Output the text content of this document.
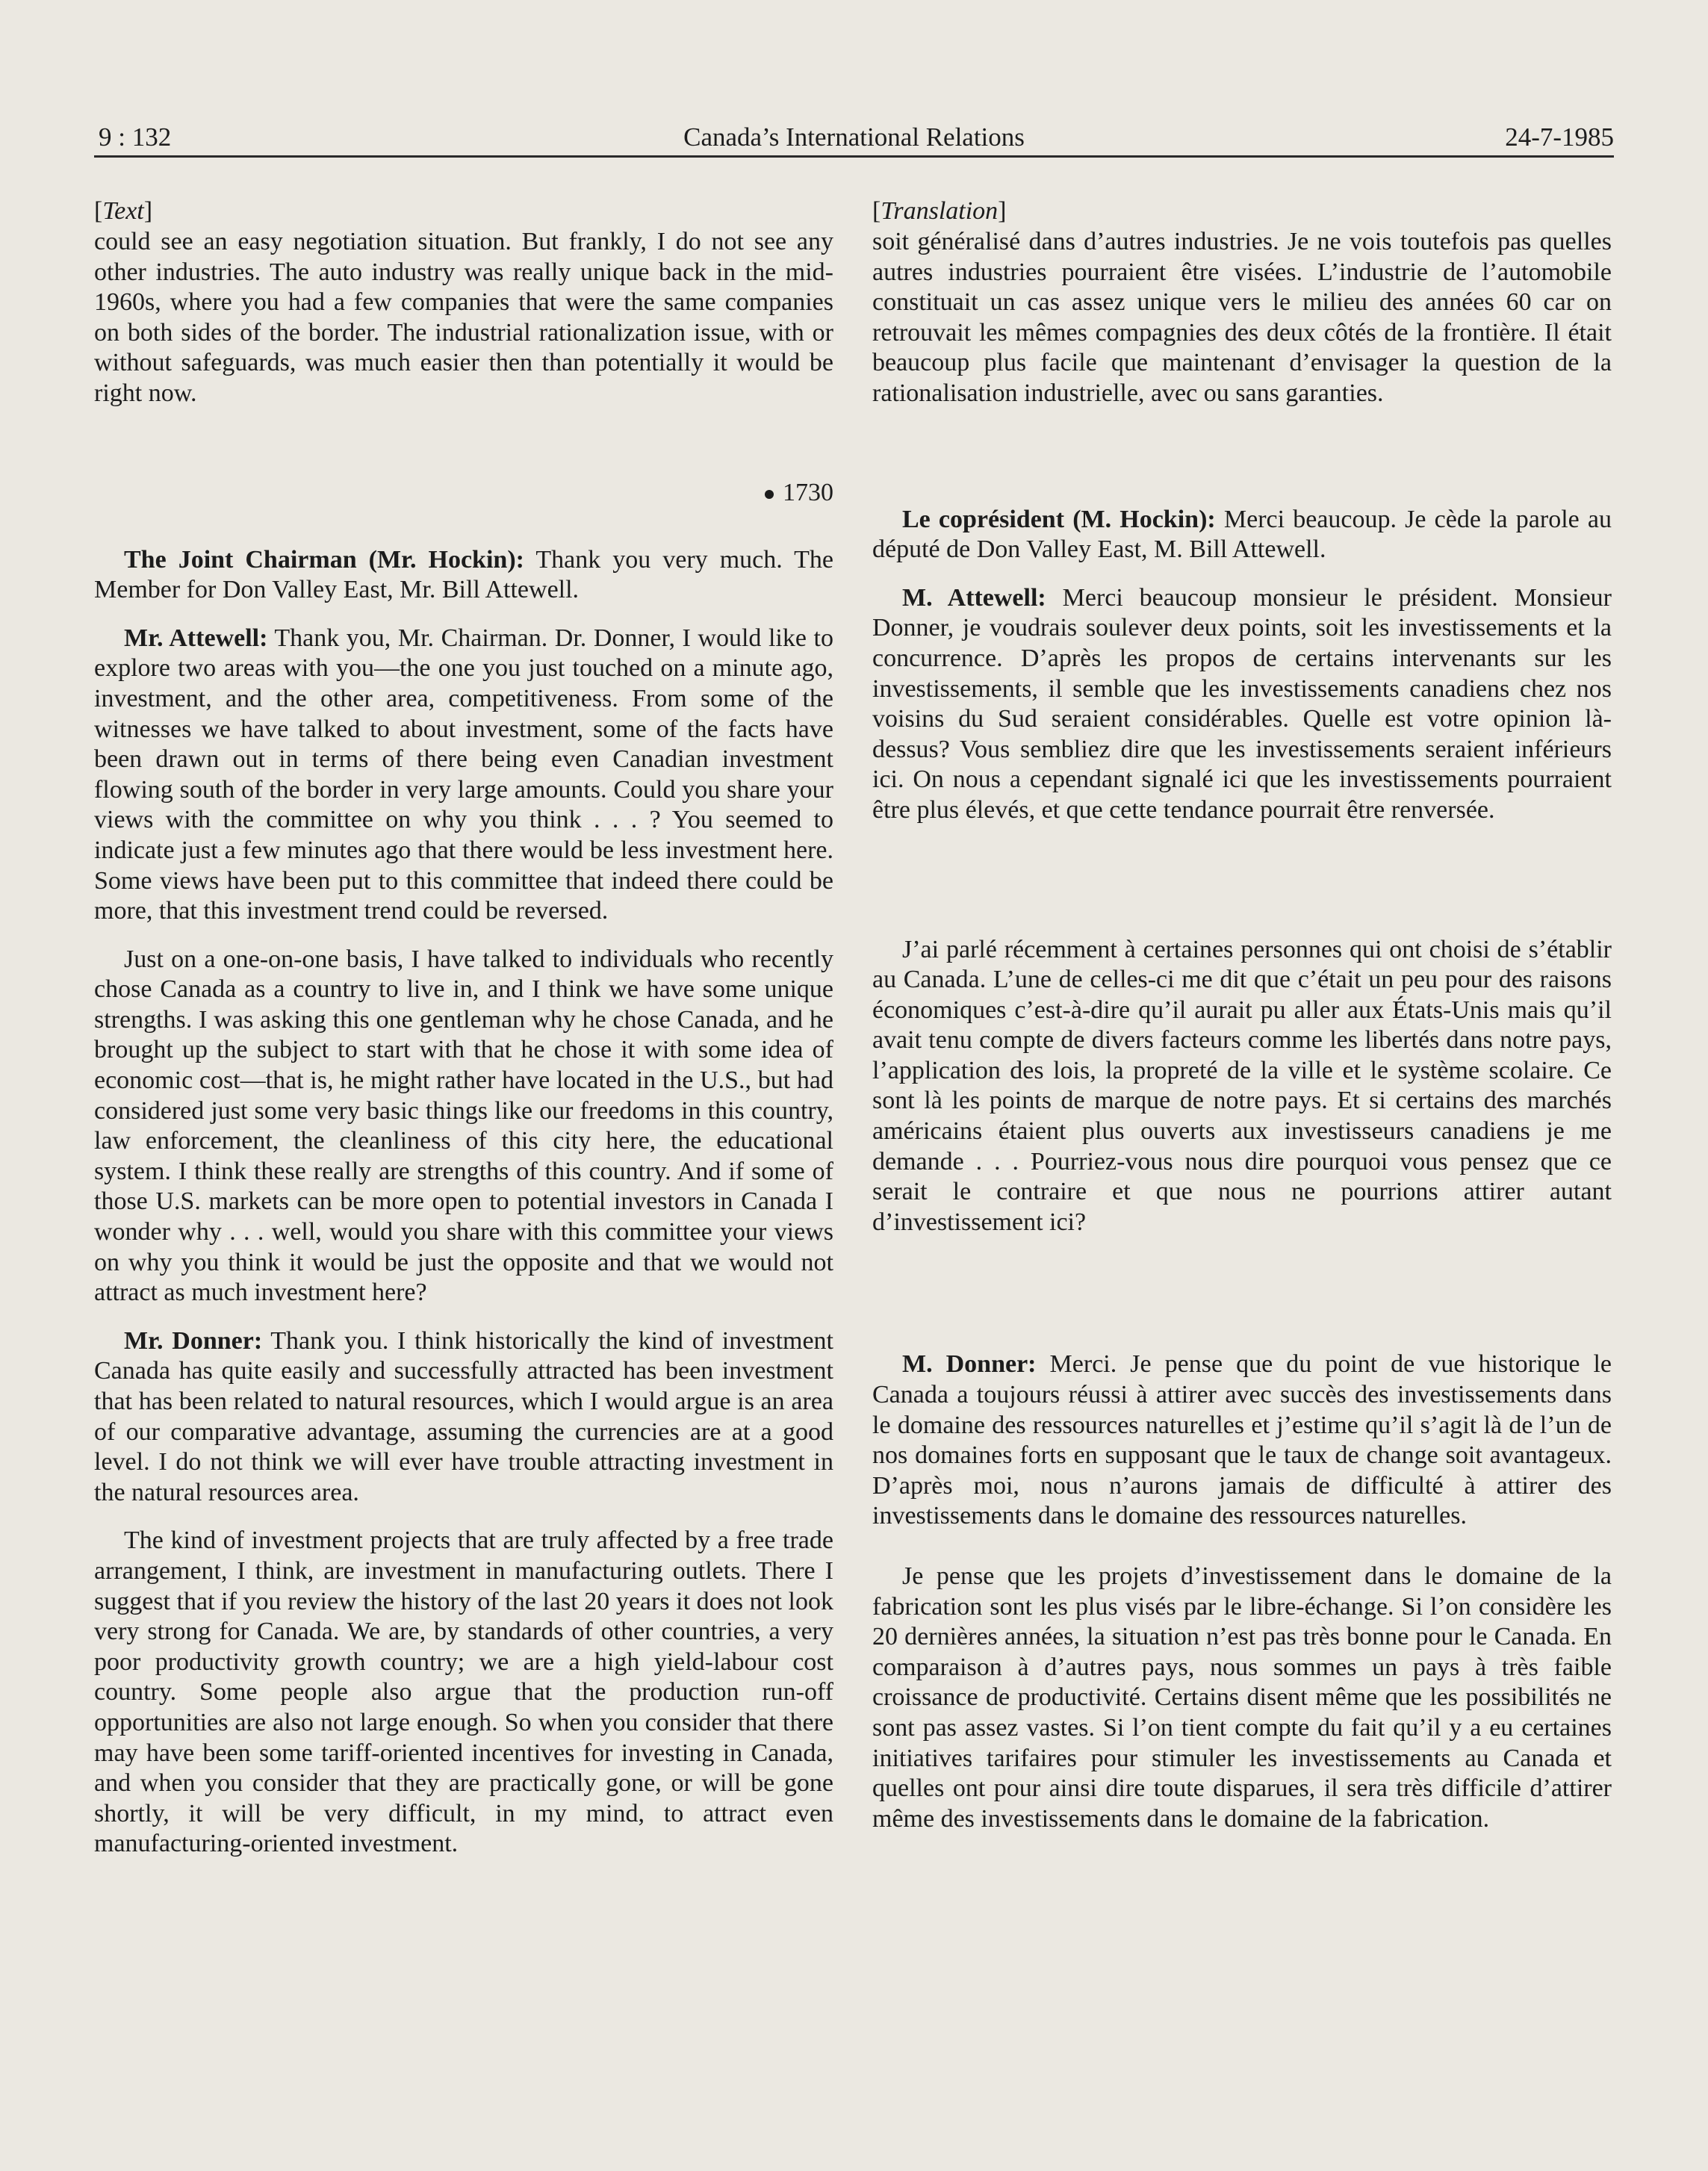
9 : 132	Canada’s International Relations	24-7-1985
[Text]

could see an easy negotiation situation. But frankly, I do not see any other industries. The auto industry was really unique back in the mid-1960s, where you had a few companies that were the same companies on both sides of the border. The industrial rationalization issue, with or without safeguards, was much easier then than potentially it would be right now.

1730

The Joint Chairman (Mr. Hockin): Thank you very much. The Member for Don Valley East, Mr. Bill Attewell.

Mr. Attewell: Thank you, Mr. Chairman. Dr. Donner, I would like to explore two areas with you—the one you just touched on a minute ago, investment, and the other area, competitiveness. From some of the witnesses we have talked to about investment, some of the facts have been drawn out in terms of there being even Canadian investment flowing south of the border in very large amounts. Could you share your views with the committee on why you think . . . ? You seemed to indicate just a few minutes ago that there would be less investment here. Some views have been put to this committee that indeed there could be more, that this investment trend could be reversed.

Just on a one-on-one basis, I have talked to individuals who recently chose Canada as a country to live in, and I think we have some unique strengths. I was asking this one gentleman why he chose Canada, and he brought up the subject to start with that he chose it with some idea of economic cost—that is, he might rather have located in the U.S., but had considered just some very basic things like our freedoms in this country, law enforcement, the cleanliness of this city here, the educational system. I think these really are strengths of this country. And if some of those U.S. markets can be more open to potential investors in Canada I wonder why . . . well, would you share with this committee your views on why you think it would be just the opposite and that we would not attract as much investment here?

Mr. Donner: Thank you. I think historically the kind of investment Canada has quite easily and successfully attracted has been investment that has been related to natural resources, which I would argue is an area of our comparative advantage, assuming the currencies are at a good level. I do not think we will ever have trouble attracting investment in the natural resources area.

The kind of investment projects that are truly affected by a free trade arrangement, I think, are investment in manufacturing outlets. There I suggest that if you review the history of the last 20 years it does not look very strong for Canada. We are, by standards of other countries, a very poor productivity growth country; we are a high yield-labour cost country. Some people also argue that the production run-off opportunities are also not large enough. So when you consider that there may have been some tariff-oriented incentives for investing in Canada, and when you consider that they are practically gone, or will be gone shortly, it will be very difficult, in my mind, to attract even manufacturing-oriented investment.

[Translation]

soit généralisé dans d’autres industries. Je ne vois toutefois pas quelles autres industries pourraient être visées. L’industrie de l’automobile constituait un cas assez unique vers le milieu des années 60 car on retrouvait les mêmes compagnies des deux côtés de la frontière. Il était beaucoup plus facile que maintenant d’envisager la question de la rationalisation industrielle, avec ou sans garanties.

Le coprésident (M. Hockin): Merci beaucoup. Je cède la parole au député de Don Valley East, M. Bill Attewell.

M. Attewell: Merci beaucoup monsieur le président. Monsieur Donner, je voudrais soulever deux points, soit les investissements et la concurrence. D’après les propos de certains intervenants sur les investissements, il semble que les investissements canadiens chez nos voisins du Sud seraient considérables. Quelle est votre opinion là-dessus? Vous sembliez dire que les investissements seraient inférieurs ici. On nous a cependant signalé ici que les investissements pourraient être plus élevés, et que cette tendance pourrait être renversée.

J’ai parlé récemment à certaines personnes qui ont choisi de s’établir au Canada. L’une de celles-ci me dit que c’était un peu pour des raisons économiques c’est-à-dire qu’il aurait pu aller aux États-Unis mais qu’il avait tenu compte de divers facteurs comme les libertés dans notre pays, l’application des lois, la propreté de la ville et le système scolaire. Ce sont là les points de marque de notre pays. Et si certains des marchés américains étaient plus ouverts aux investisseurs canadiens je me demande . . . Pourriez-vous nous dire pourquoi vous pensez que ce serait le contraire et que nous ne pourrions attirer autant d’investissement ici?

M. Donner: Merci. Je pense que du point de vue historique le Canada a toujours réussi à attirer avec succès des investissements dans le domaine des ressources naturelles et j’estime qu’il s’agit là de l’un de nos domaines forts en supposant que le taux de change soit avantageux. D’après moi, nous n’aurons jamais de difficulté à attirer des investissements dans le domaine des ressources naturelles.

Je pense que les projets d’investissement dans le domaine de la fabrication sont les plus visés par le libre-échange. Si l’on considère les 20 dernières années, la situation n’est pas très bonne pour le Canada. En comparaison à d’autres pays, nous sommes un pays à très faible croissance de productivité. Certains disent même que les possibilités ne sont pas assez vastes. Si l’on tient compte du fait qu’il y a eu certaines initiatives tarifaires pour stimuler les investissements au Canada et quelles ont pour ainsi dire toute disparues, il sera très difficile d’attirer même des investissements dans le domaine de la fabrication.
